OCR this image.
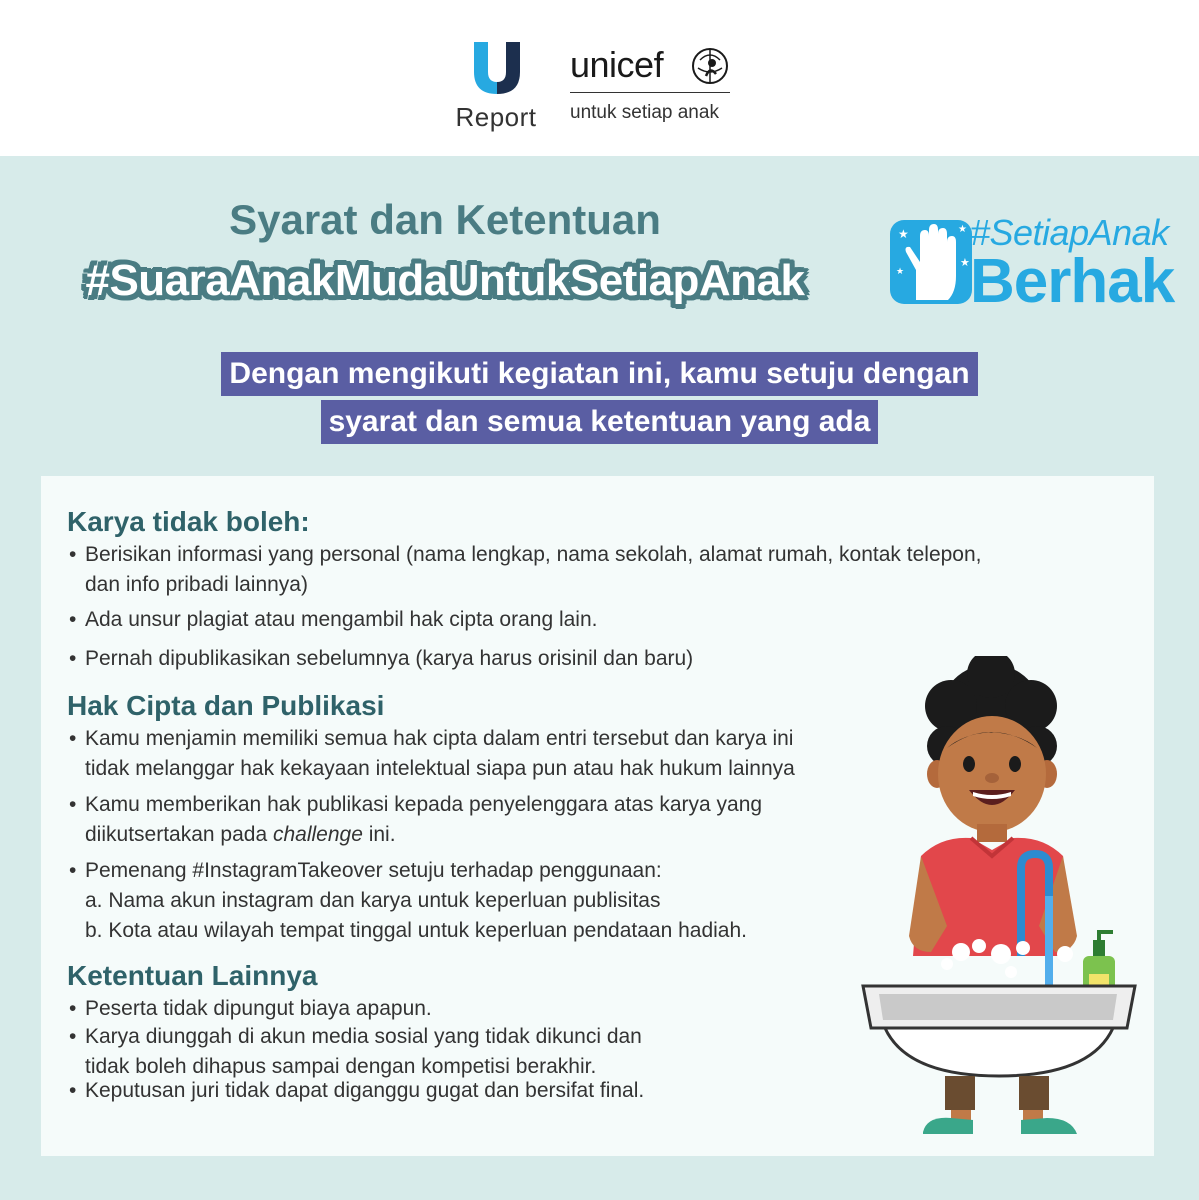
Report
unicef
untuk setiap anak
Syarat dan Ketentuan
#SuaraAnakMudaUntukSetiapAnak
★	★
★
★
#SetiapAnak
Berhak
Dengan mengikuti kegiatan ini, kamu setuju dengan
syarat dan semua ketentuan yang ada
Karya tidak boleh:
• Berisikan informasi yang personal (nama lengkap, nama sekolah, alamat rumah, kontak telepon,
dan info pribadi lainnya)
• Ada unsur plagiat atau mengambil hak cipta orang lain.
• Pernah dipublikasikan sebelumnya (karya harus orisinil dan baru)
Hak Cipta dan Publikasi
• Kamu menjamin memiliki semua hak cipta dalam entri tersebut dan karya ini
tidak melanggar hak kekayaan intelektual siapa pun atau hak hukum lainnya
• Kamu memberikan hak publikasi kepada penyelenggara atas karya yang
diikutsertakan pada challenge ini.
• Pemenang #InstagramTakeover setuju terhadap penggunaan:
a. Nama akun instagram dan karya untuk keperluan publisitas
b. Kota atau wilayah tempat tinggal untuk keperluan pendataan hadiah.
Ketentuan Lainnya
• Peserta tidak dipungut biaya apapun.
• Karya diunggah di akun media sosial yang tidak dikunci dan
tidak boleh dihapus sampai dengan kompetisi berakhir.
• Keputusan juri tidak dapat diganggu gugat dan bersifat final.
